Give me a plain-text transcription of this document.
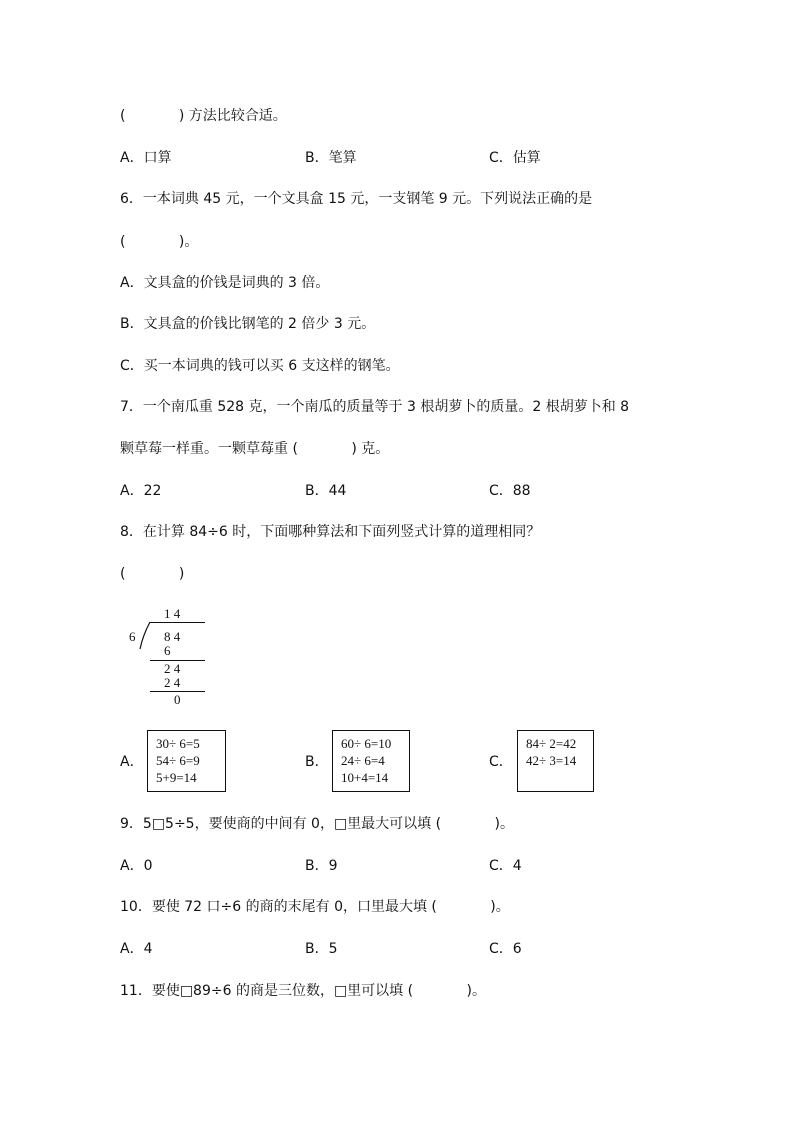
(            ) 方法比较合适。
A．口算	B．笔算	C．估算
6．一本词典 45 元，一个文具盒 15 元，一支钢笔 9 元。下列说法正确的是
(            )。
A．文具盒的价钱是词典的 3 倍。
B．文具盒的价钱比钢笔的 2 倍少 3 元。
C．买一本词典的钱可以买 6 支这样的钢笔。
7．一个南瓜重 528 克，一个南瓜的质量等于 3 根胡萝卜的质量。2 根胡萝卜和 8
颗草莓一样重。一颗草莓重 (            ) 克。
A．22	B．44	C．88
8．在计算 84÷6 时，下面哪种算法和下面列竖式计算的道理相同？
(            )
1 4
6 8 4
6
2 4
2 4
0
A．
30÷ 6=5
54÷ 6=9
5+9=14
B．
60÷ 6=10
24÷ 6=4
10+4=14
C．
84÷ 2=42
42÷ 3=14
9．5□5÷5，要使商的中间有 0，□里最大可以填 (            )。
A．0	B．9	C．4
10．要使 72 口÷6 的商的末尾有 0，口里最大填 (            )。
A．4	B．5	C．6
11．要使□89÷6 的商是三位数，□里可以填 (            )。
